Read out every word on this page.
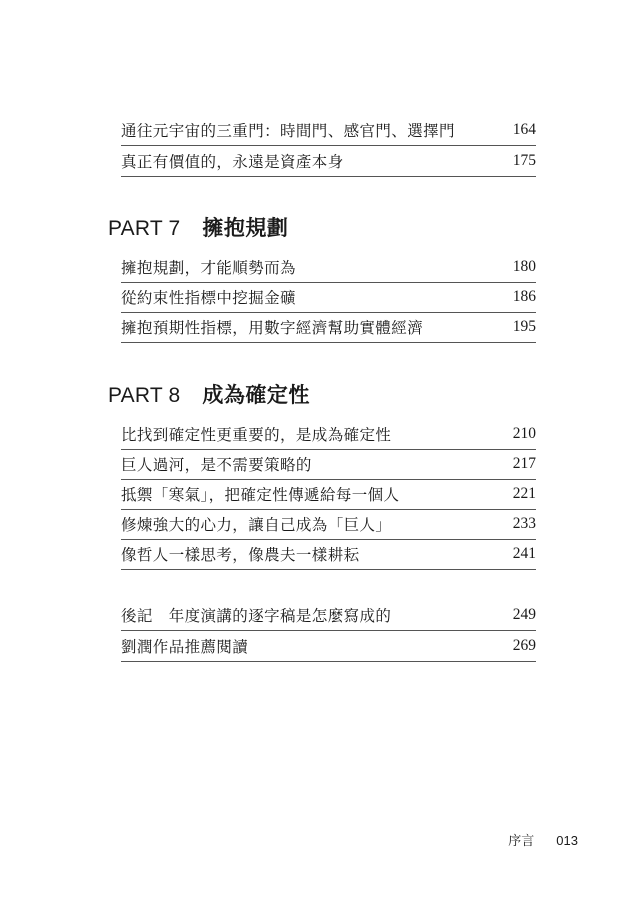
通往元宇宙的三重門：時間門、感官門、選擇門	164
真正有價值的，永遠是資產本身	175
PART 7 擁抱規劃
擁抱規劃，才能順勢而為	180
從約束性指標中挖掘金礦	186
擁抱預期性指標，用數字經濟幫助實體經濟	195
PART 8 成為確定性
比找到確定性更重要的，是成為確定性	210
巨人過河，是不需要策略的	217
抵禦「寒氣」，把確定性傳遞給每一個人	221
修煉強大的心力，讓自己成為「巨人」	233
像哲人一樣思考，像農夫一樣耕耘	241
後記　年度演講的逐字稿是怎麼寫成的	249
劉潤作品推薦閱讀	269
序言 013
